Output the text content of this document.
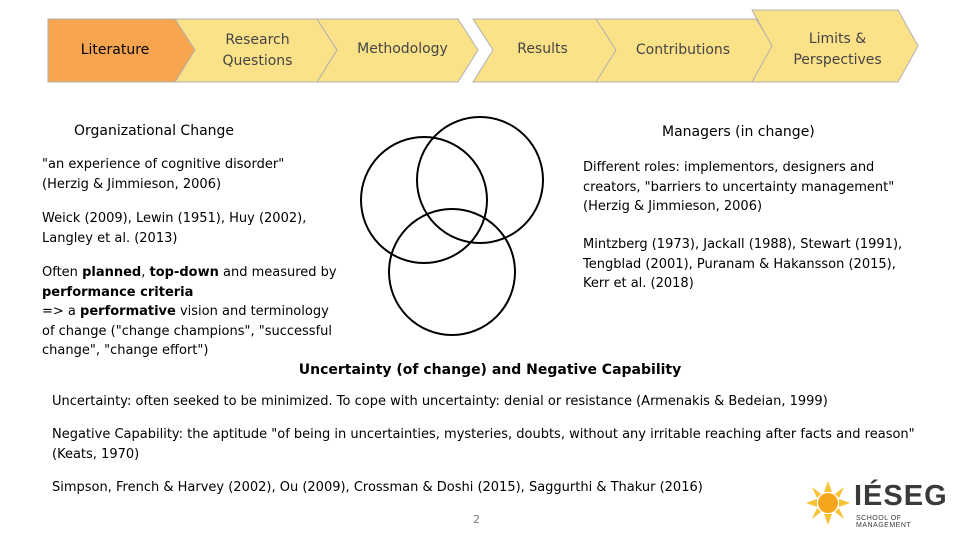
Literature
Research
Questions
Methodology	Results	Contributions
Limits &
Perspectives
Organizational Change
"an experience of cognitive disorder"
(Herzig & Jimmieson, 2006)
Weick (2009), Lewin (1951), Huy (2002),
Langley et al. (2013)
Often planned, top-down and measured by performance criteria
=> a performative vision and terminology of change ("change champions", "successful change", "change effort")
Managers (in change)
Different roles: implementors, designers and creators, "barriers to uncertainty management" (Herzig & Jimmieson, 2006)
Mintzberg (1973), Jackall (1988), Stewart (1991), Tengblad (2001), Puranam & Hakansson (2015), Kerr et al. (2018)
Uncertainty (of change) and Negative Capability
Uncertainty: often seeked to be minimized. To cope with uncertainty: denial or resistance (Armenakis & Bedeian, 1999)
Negative Capability: the aptitude "of being in uncertainties, mysteries, doubts, without any irritable reaching after facts and reason" (Keats, 1970)
Simpson, French & Harvey (2002), Ou (2009), Crossman & Doshi (2015), Saggurthi & Thakur (2016)
2
IÉSEG
SCHOOL OF MANAGEMENT
